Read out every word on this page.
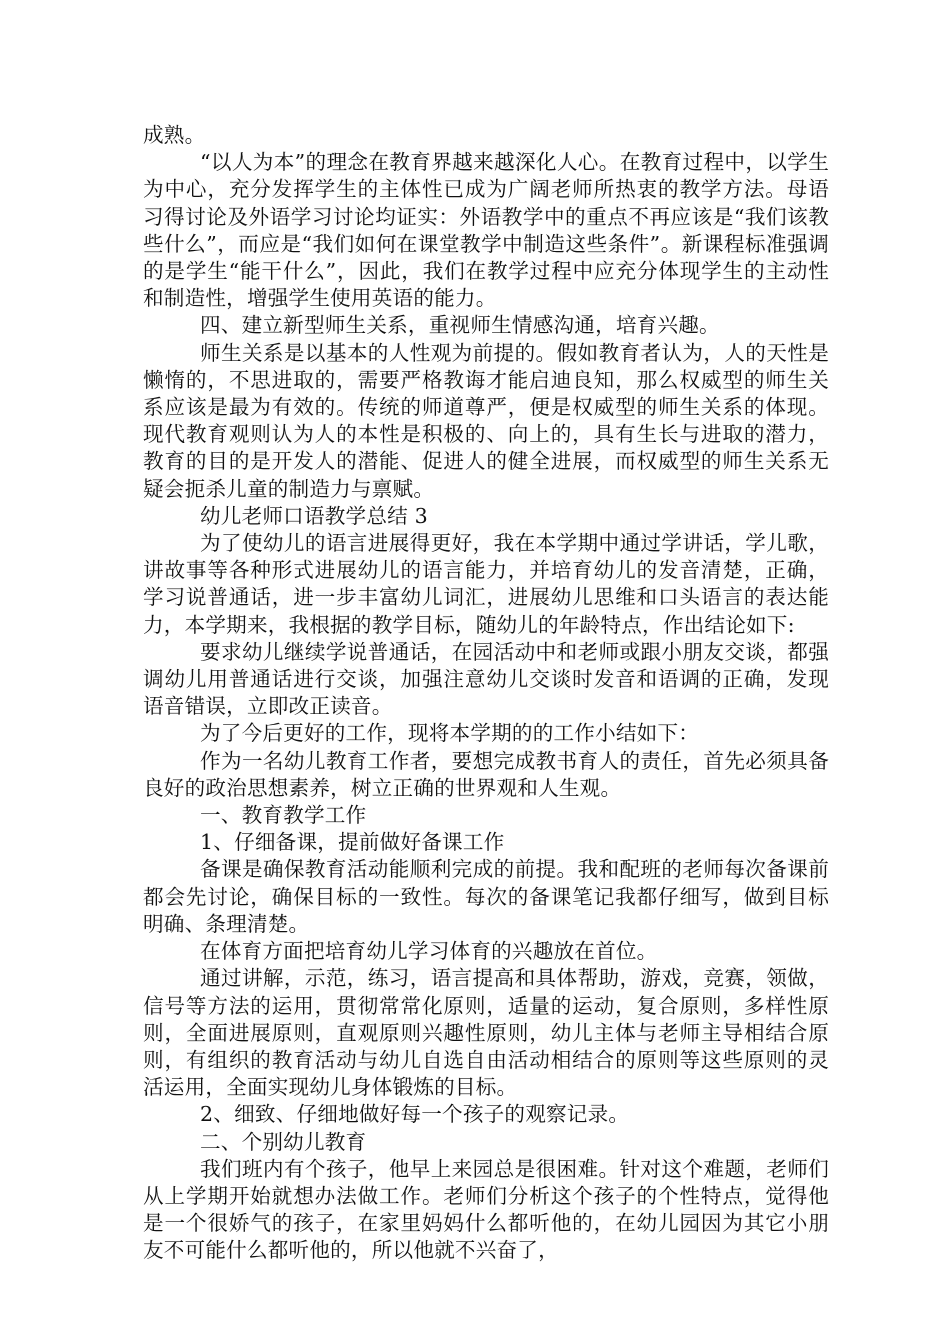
成熟。

“以人为本”的理念在教育界越来越深化人心。在教育过程中，以学生为中心，充分发挥学生的主体性已成为广阔老师所热衷的教学方法。母语习得讨论及外语学习讨论均证实：外语教学中的重点不再应该是“我们该教些什么”，而应是“我们如何在课堂教学中制造这些条件”。新课程标准强调的是学生“能干什么”，因此，我们在教学过程中应充分体现学生的主动性和制造性，增强学生使用英语的能力。

四、建立新型师生关系，重视师生情感沟通，培育兴趣。

师生关系是以基本的人性观为前提的。假如教育者认为，人的天性是懒惰的，不思进取的，需要严格教诲才能启迪良知，那么权威型的师生关系应该是最为有效的。传统的师道尊严，便是权威型的师生关系的体现。现代教育观则认为人的本性是积极的、向上的，具有生长与进取的潜力，教育的目的是开发人的潜能、促进人的健全进展，而权威型的师生关系无疑会扼杀儿童的制造力与禀赋。

幼儿老师口语教学总结 3

为了使幼儿的语言进展得更好，我在本学期中通过学讲话，学儿歌，讲故事等各种形式进展幼儿的语言能力，并培育幼儿的发音清楚，正确，学习说普通话，进一步丰富幼儿词汇，进展幼儿思维和口头语言的表达能力，本学期来，我根据的教学目标，随幼儿的年龄特点，作出结论如下:

要求幼儿继续学说普通话，在园活动中和老师或跟小朋友交谈，都强调幼儿用普通话进行交谈，加强注意幼儿交谈时发音和语调的正确，发现语音错误，立即改正读音。

为了今后更好的工作，现将本学期的的工作小结如下：

作为一名幼儿教育工作者，要想完成教书育人的责任，首先必须具备良好的政治思想素养，树立正确的世界观和人生观。

一、教育教学工作

1、仔细备课，提前做好备课工作

备课是确保教育活动能顺利完成的前提。我和配班的老师每次备课前都会先讨论，确保目标的一致性。每次的备课笔记我都仔细写，做到目标明确、条理清楚。

在体育方面把培育幼儿学习体育的兴趣放在首位。

通过讲解，示范，练习，语言提高和具体帮助，游戏，竞赛，领做，信号等方法的运用，贯彻常常化原则，适量的运动，复合原则，多样性原则，全面进展原则，直观原则兴趣性原则，幼儿主体与老师主导相结合原则，有组织的教育活动与幼儿自选自由活动相结合的原则等这些原则的灵活运用，全面实现幼儿身体锻炼的目标。

2、细致、仔细地做好每一个孩子的观察记录。

二、个别幼儿教育

我们班内有个孩子，他早上来园总是很困难。针对这个难题，老师们从上学期开始就想办法做工作。老师们分析这个孩子的个性特点，觉得他是一个很娇气的孩子，在家里妈妈什么都听他的，在幼儿园因为其它小朋友不可能什么都听他的，所以他就不兴奋了，
